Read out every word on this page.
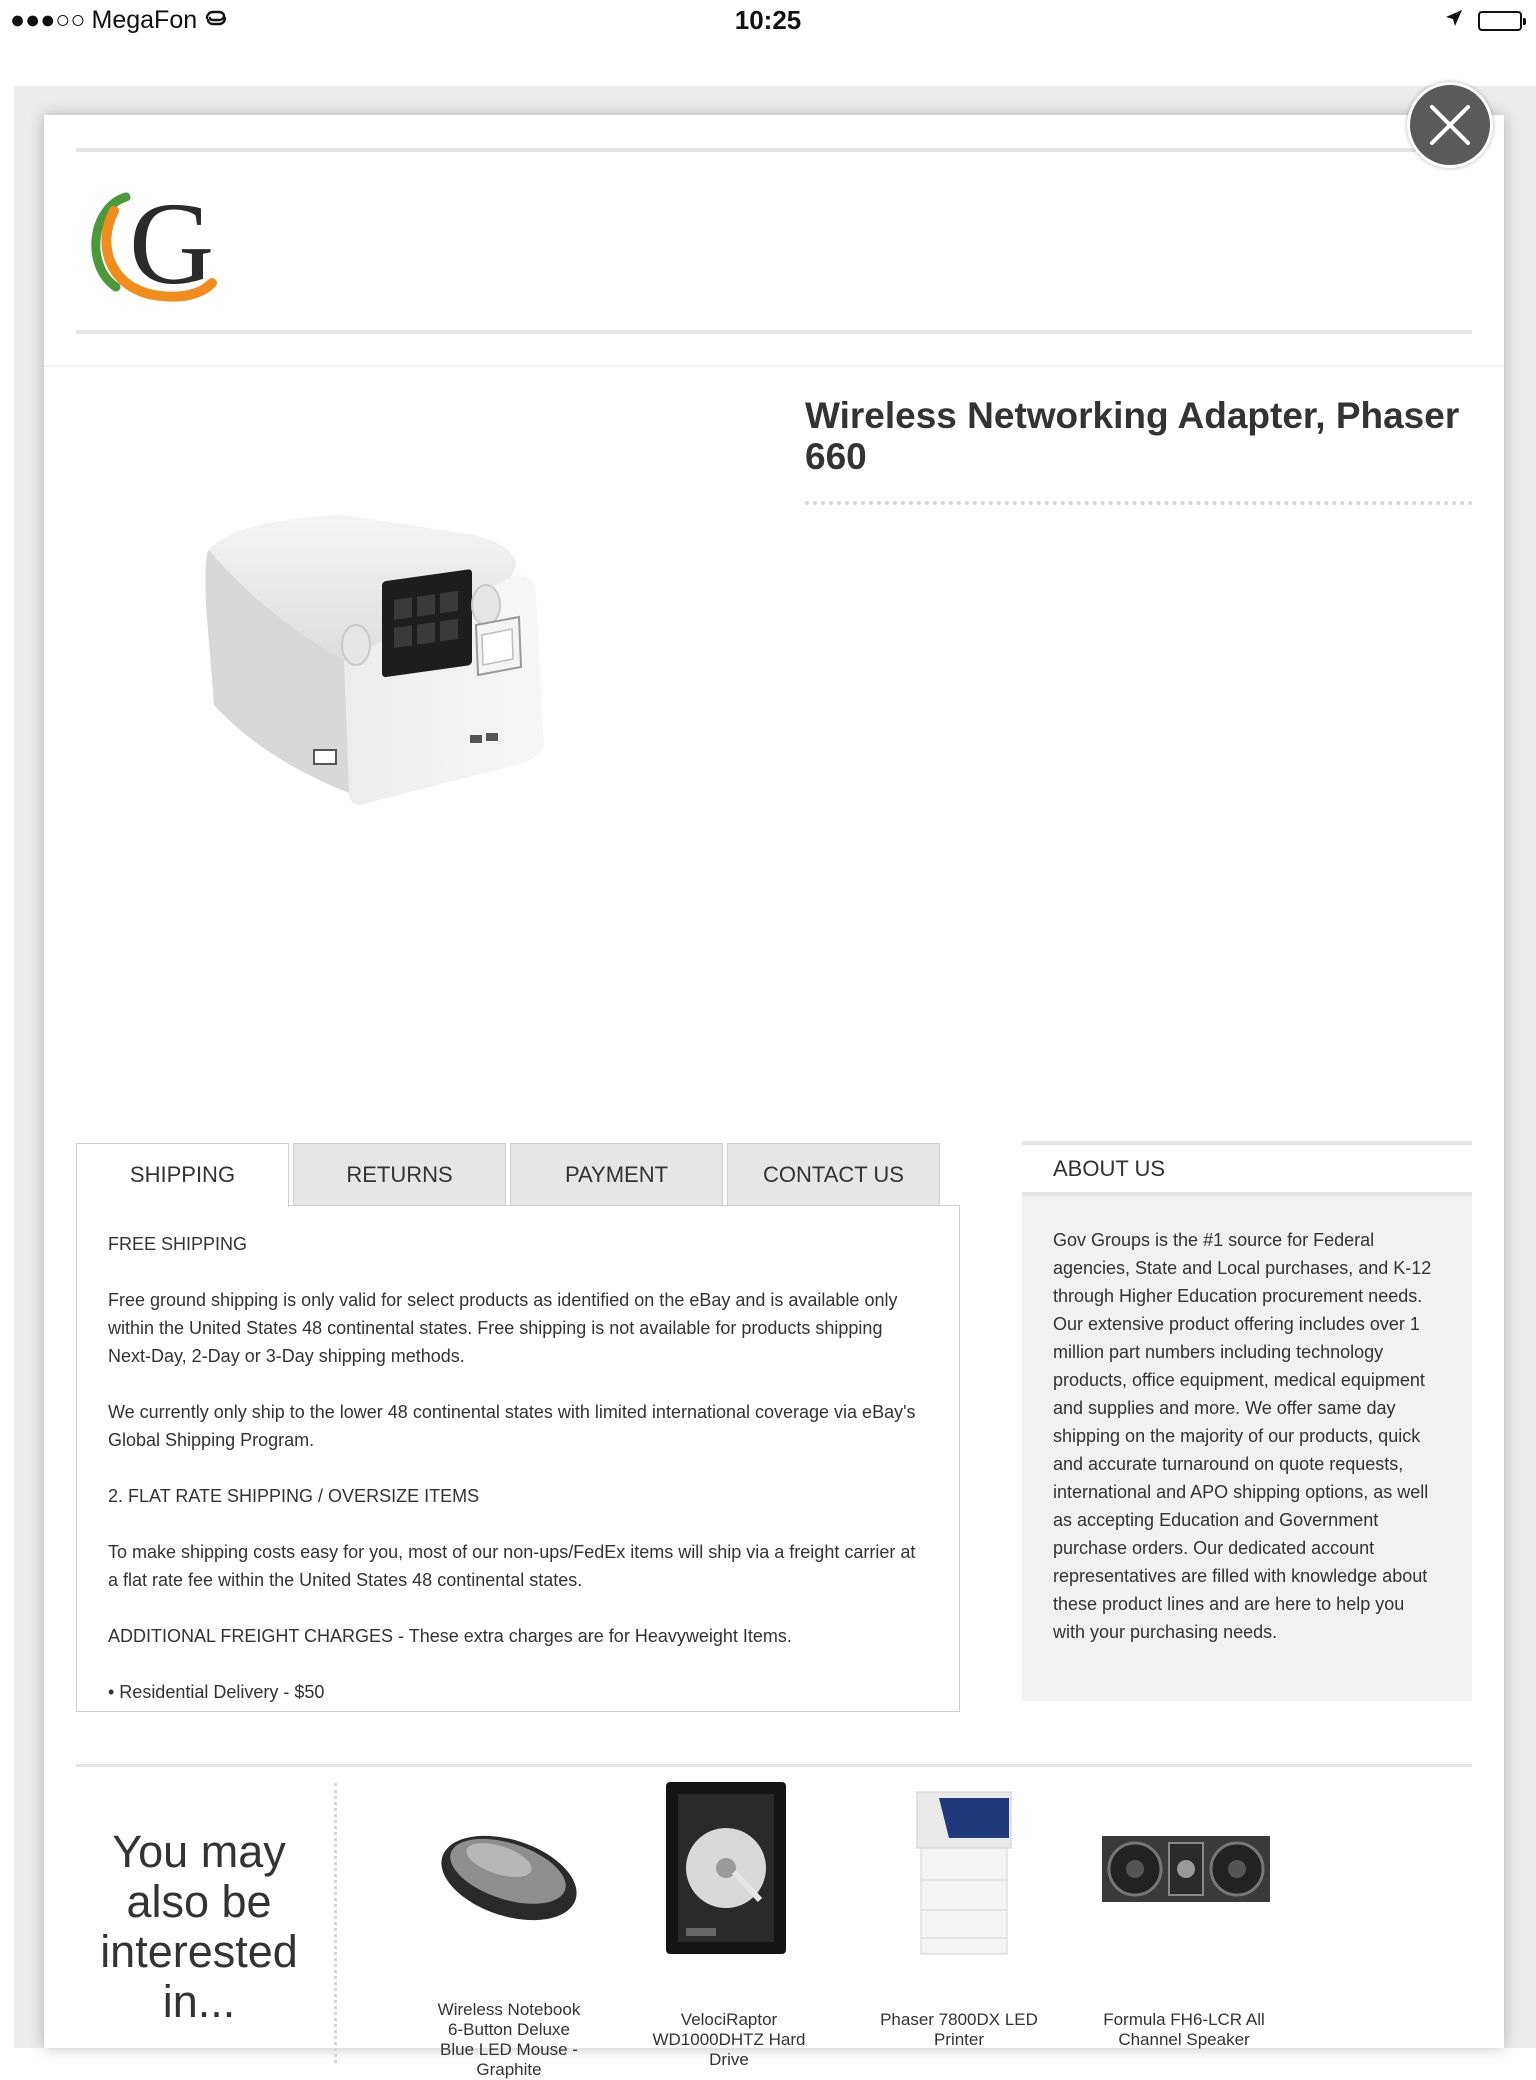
●●●○○ MegaFon	10:25
G
Wireless Networking Adapter, Phaser 660
SHIPPING	RETURNS	PAYMENT	CONTACT US

FREE SHIPPING

Free ground shipping is only valid for select products as identified on the eBay and is available only within the United States 48 continental states. Free shipping is not available for products shipping Next-Day, 2-Day or 3-Day shipping methods.

We currently only ship to the lower 48 continental states with limited international coverage via eBay's Global Shipping Program.

2. FLAT RATE SHIPPING / OVERSIZE ITEMS

To make shipping costs easy for you, most of our non-ups/FedEx items will ship via a freight carrier at a flat rate fee within the United States 48 continental states.

ADDITIONAL FREIGHT CHARGES - These extra charges are for Heavyweight Items.

• Residential Delivery - $50

ABOUT US
Gov Groups is the #1 source for Federal agencies, State and Local purchases, and K-12 through Higher Education procurement needs. Our extensive product offering includes over 1 million part numbers including technology products, office equipment, medical equipment and supplies and more. We offer same day shipping on the majority of our products, quick and accurate turnaround on quote requests, international and APO shipping options, as well as accepting Education and Government purchase orders. Our dedicated account representatives are filled with knowledge about these product lines and are here to help you with your purchasing needs.
You may also be interested in...	Wireless Notebook 6-Button Deluxe Blue LED Mouse - Graphite
VelociRaptor WD1000DHTZ Hard Drive
Phaser 7800DX LED Printer
Formula FH6-LCR All Channel Speaker
